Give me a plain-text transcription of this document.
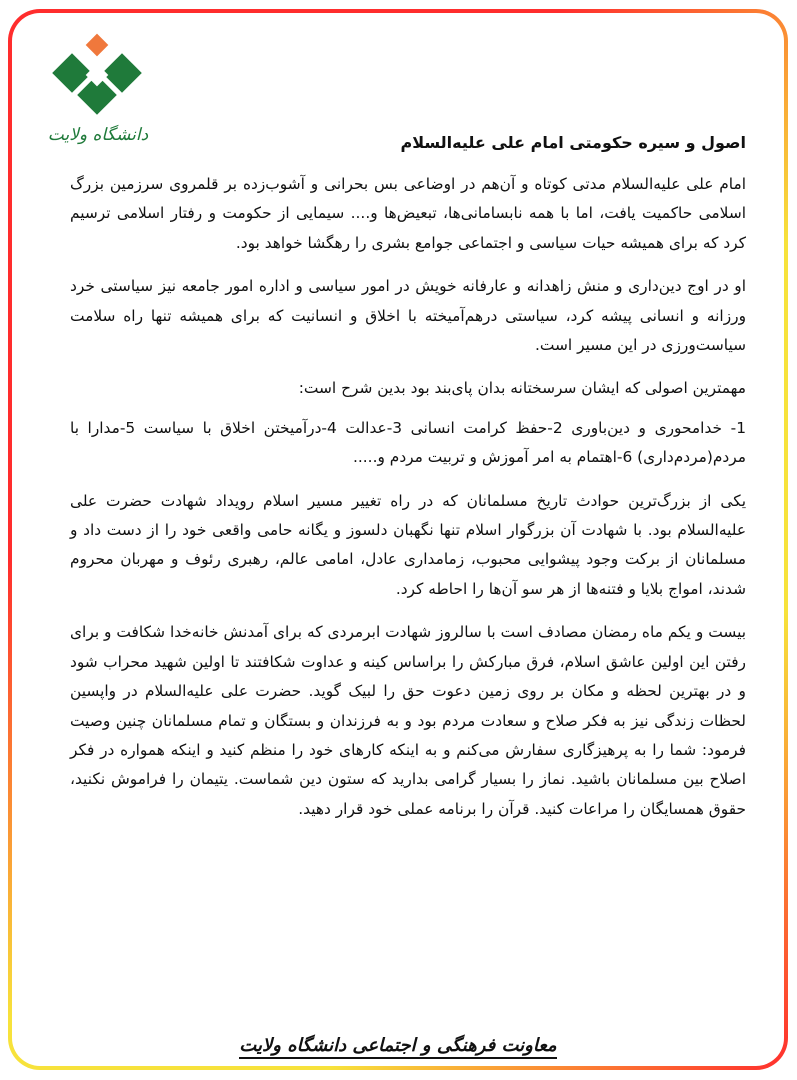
دانشگاه ولایت	اصول و سیره حکومتی امام علی علیه‌السلام

امام علی علیه‌السلام مدتی کوتاه و آن‌هم در اوضاعی بس بحرانی و آشوب‌زده بر قلمروی سرزمین بزرگ اسلامی حاکمیت یافت، اما با همه نابسامانی‌ها، تبعیض‌ها و.... سیمایی از حکومت و رفتار اسلامی ترسیم کرد که برای همیشه حیات سیاسی و اجتماعی جوامع بشری را رهگشا خواهد بود.

او در اوج دین‌داری و منش زاهدانه و عارفانه خویش در امور سیاسی و اداره امور جامعه نیز سیاستی خرد ورزانه و انسانی پیشه کرد، سیاستی درهم‌آمیخته با اخلاق و انسانیت که برای همیشه تنها راه سلامت سیاست‌ورزی در این مسیر است.

مهمترین اصولی که ایشان سرسختانه بدان پای‌بند بود بدین شرح است:

1- خدامحوری و دین‌باوری 2-حفظ کرامت انسانی 3-عدالت 4-درآمیختن اخلاق با سیاست 5-مدارا با مردم(مردم‌داری) 6-اهتمام به امر آموزش و تربیت مردم و.....

یکی از بزرگ‌ترین حوادث تاریخ مسلمانان که در راه تغییر مسیر اسلام رویداد شهادت حضرت علی علیه‌السلام بود. با شهادت آن بزرگوار اسلام تنها نگهبان دلسوز و یگانه حامی واقعی خود را از دست داد و مسلمانان از برکت وجود پیشوایی محبوب، زمامداری عادل، امامی عالم، رهبری رئوف و مهربان محروم شدند، امواج بلایا و فتنه‌ها از هر سو آن‌ها را احاطه کرد.

بیست و یکم ماه رمضان مصادف است با سالروز شهادت ابرمردی که برای آمدنش خانه‌خدا شکافت و برای رفتن این اولین عاشق اسلام، فرق مبارکش را براساس کینه و عداوت شکافتند تا اولین شهید محراب شود و در بهترین لحظه و مکان بر روی زمین دعوت حق را لبیک گوید. حضرت علی علیه‌السلام در واپسین لحظات زندگی نیز به فکر صلاح و سعادت مردم بود و به فرزندان و بستگان و تمام مسلمانان چنین وصیت فرمود: شما را به پرهیزگاری سفارش می‌کنم و به اینکه کارهای خود را منظم کنید و اینکه همواره در فکر اصلاح بین مسلمانان باشید. نماز را بسیار گرامی بدارید که ستون دین شماست. یتیمان را فراموش نکنید، حقوق همسایگان را مراعات کنید. قرآن را برنامه عملی خود قرار دهید.

معاونت فرهنگی و اجتماعی دانشگاه ولایت
